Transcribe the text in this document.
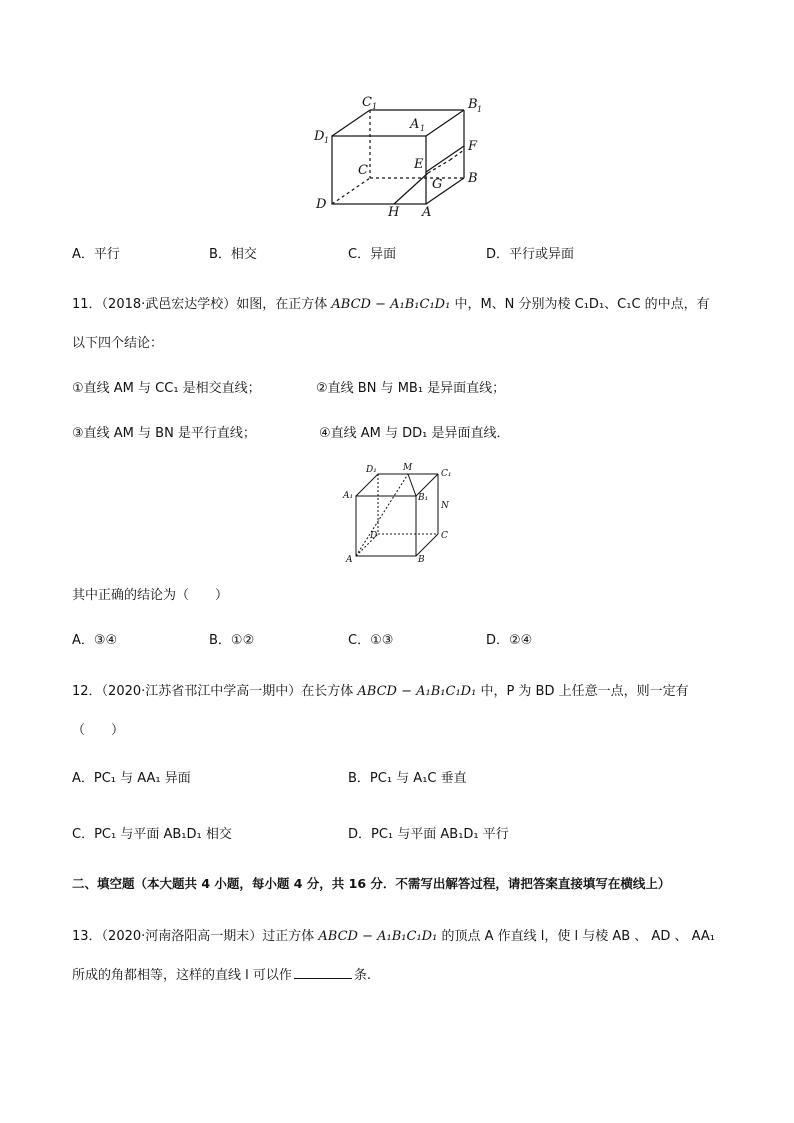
C 1	B 1
A 1
D 1	F
E
C
G B
D
H A
A．平行	B．相交	C．异面	D．平行或异面
11．（2018·武邑宏达学校）如图，在正方体 ABCD − A₁B₁C₁D₁ 中，M、N 分别为棱 C₁D₁、C₁C 的中点，有
以下四个结论：
①直线 AM 与 CC₁ 是相交直线；	②直线 BN 与 MB₁ 是异面直线；
③直线 AM 与 BN 是平行直线；	④直线 AM 与 DD₁ 是异面直线．
D₁	M
C₁
A₁	B₁
N
D	C
A	B
其中正确的结论为（　　）
A．③④	B．①②	C．①③	D．②④
12．（2020·江苏省邗江中学高一期中）在长方体 ABCD − A₁B₁C₁D₁ 中，P 为 BD 上任意一点，则一定有
（　　）
A．PC₁ 与 AA₁ 异面	B．PC₁ 与 A₁C 垂直
C．PC₁ 与平面 AB₁D₁ 相交	D．PC₁ 与平面 AB₁D₁ 平行
二、填空题（本大题共 4 小题，每小题 4 分，共 16 分．不需写出解答过程，请把答案直接填写在横线上）
13．（2020·河南洛阳高一期末）过正方体 ABCD − A₁B₁C₁D₁ 的顶点 A 作直线 l，使 l 与棱 AB 、 AD 、 AA₁
所成的角都相等，这样的直线 l 可以作	条.
